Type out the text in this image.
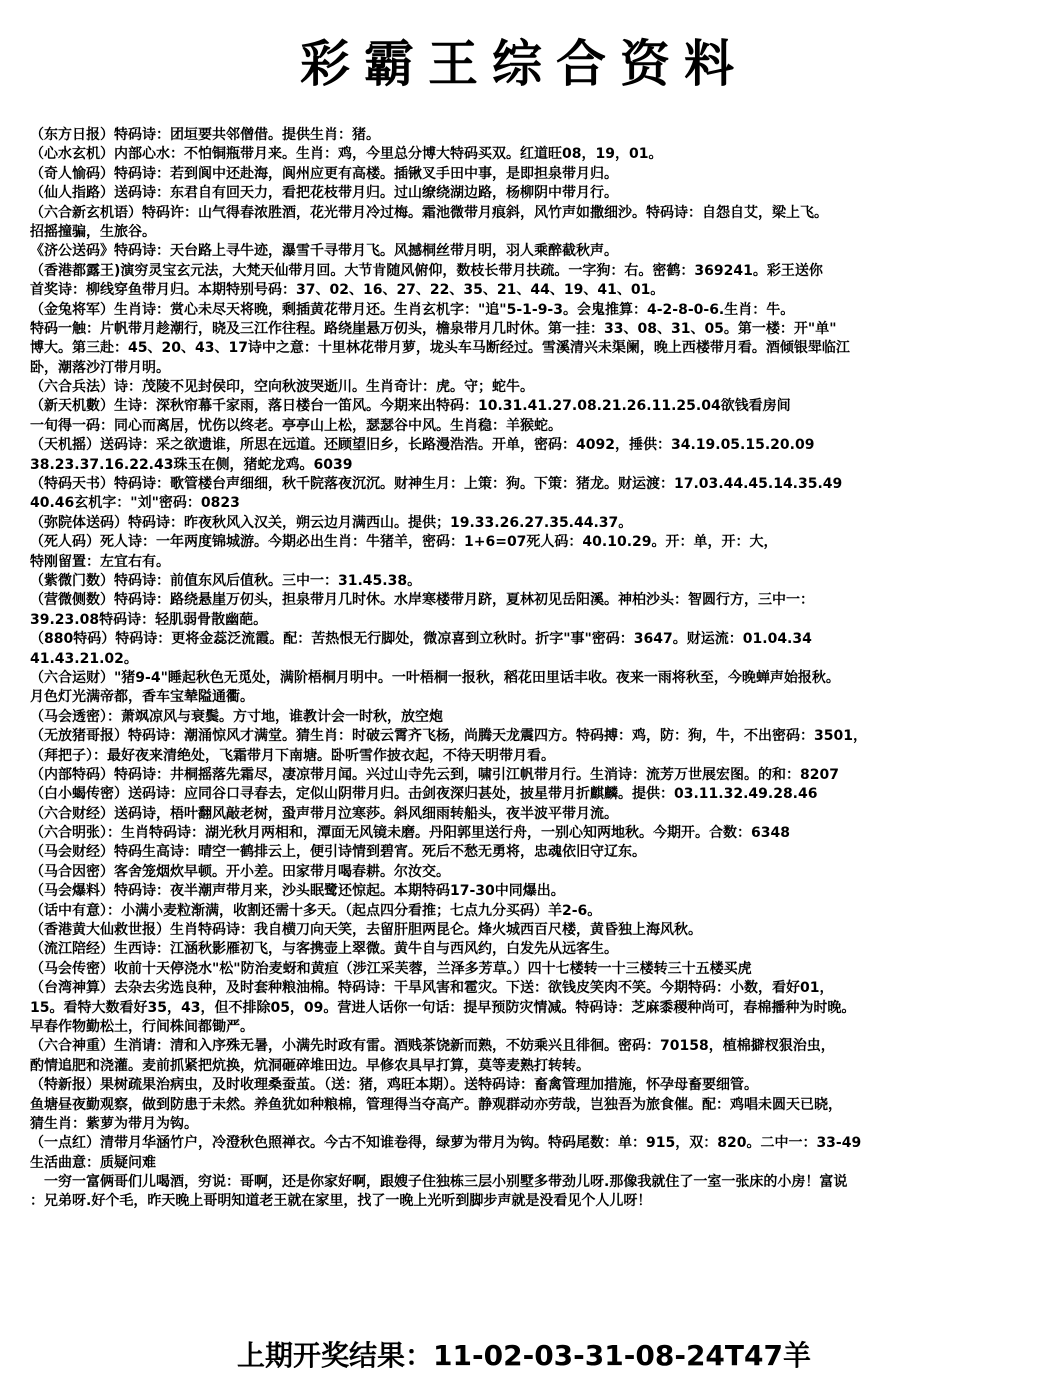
彩霸王综合资料
（东方日报）特码诗：团垣要共邻僧借。提供生肖：猪。
（心水玄机）内部心水：不怕铜瓶带月来。生肖：鸡，今里总分博大特码买双。红道旺08，19，01。
（奇人愉码）特码诗：若到阆中还赴海，阆州应更有高楼。插锹叉手田中事，是即担泉带月归。
（仙人指路）送码诗：东君自有回天力，看把花枝带月归。过山缭绕湖边路，杨柳阴中带月行。
（六合新玄机语）特码许：山气得春浓胜酒，花光带月冷过梅。霜池微带月痕斜，风竹声如撒细沙。特码诗：自怨自艾，梁上飞。
招摇撞骗，生旅谷。
《济公送码》特码诗：天台路上寻牛迹，瀑雪千寻带月飞。风撼桐丝带月明，羽人乘醉截秋声。
（香港都露王)演穷灵宝玄元法，大梵天仙带月回。大节肯随风俯仰，数枝长带月扶疏。一字狗：右。密鹤：369241。彩王送你
首奖诗：柳线穿鱼带月归。本期特别号码：37、02、16、27、22、35、21、44、19、41、01。
（金兔将军）生肖诗：赏心未尽天将晚，剩插黄花带月还。生肖玄机字："追"5-1-9-3。会鬼推算：4-2-8-0-6.生肖：牛。
特码一触：片帆带月趁潮行，晓及三江作往程。路绕崖悬万仞头，檐泉带月几时休。第一挂：33、08、31、05。第一楼：开"单"
博大。第三赴：45、20、43、17诗中之意：十里林花带月萝，垅头车马断经过。雪溪清兴未渠阑，晚上西楼带月看。酒倾银斝临江
卧，潮落沙汀带月明。
（六合兵法）诗：茂陵不见封侯印，空向秋波哭逝川。生肖奇计：虎。守；蛇牛。
（新天机數）生诗：深秋帘幕千家雨，落日楼台一笛风。今期来出特码：10.31.41.27.08.21.26.11.25.04欲钱看房间
一旬得一码：同心而离居，忧伤以终老。亭亭山上松，瑟瑟谷中风。生肖稳：羊猴蛇。
（天机摇）送码诗：采之欲遗谁，所思在远道。还顾望旧乡，长路漫浩浩。开单，密码：4092，捶供：34.19.05.15.20.09
38.23.37.16.22.43珠玉在侧，猪蛇龙鸡。6039
（特码天书）特码诗：歌管楼台声细细，秋千院落夜沉沉。财神生月：上策：狗。下策：猪龙。财运渡：17.03.44.45.14.35.49
40.46玄机字："刘"密码：0823
（弥院体送码）特码诗：昨夜秋风入汉关，朔云边月满西山。提供；19.33.26.27.35.44.37。
（死人码）死人诗：一年两度锦城游。今期必出生肖：牛猪羊，密码：1+6=07死人码：40.10.29。开：单，开：大，
特刚留置：左宜右有。
（紫微门数）特码诗：前值东风后值秋。三中一：31.45.38。
（营微侧数）特码诗：路绕悬崖万仞头，担泉带月几时休。水岸寒楼带月跻，夏林初见岳阳溪。神柏沙头：智圆行方，三中一：
39.23.08特码诗：轻肌弱骨散幽葩。
（880特码）特码诗：更将金蕊泛流霞。配：苦热恨无行脚处，微凉喜到立秋时。折字"事"密码：3647。财运流：01.04.34
41.43.21.02。
（六合运财）"猪9-4"睡起秋色无觅处，满阶梧桐月明中。一叶梧桐一报秋，稻花田里话丰收。夜来一雨将秋至，今晚蝉声始报秋。
月色灯光满帝都，香车宝辇隘通衢。
（马会透密）：萧飒凉风与衰鬓。方寸地，谁教计会一时秋，放空炮
（无放猪哥报）特码诗：潮涌惊风才满堂。猜生肖：时破云霄齐飞杨，尚腾天龙震四方。特码搏：鸡，防：狗，牛，不出密码：3501，
（拜把子）：最好夜来清绝处，飞霜带月下南塘。卧听雪作披衣起，不待天明带月看。
（内部特码）特码诗：井桐摇落先霜尽，凄凉带月闻。兴过山寺先云到，啸引江帆带月行。生消诗：流芳万世展宏图。的和：8207
（白小蝎传密）送码诗：应同谷口寻春去，定似山阴带月归。击剑夜深归甚处，披星带月折麒麟。提供：03.11.32.49.28.46
（六合财经）送码诗，梧叶翻风敲老树，蛩声带月泣寒莎。斜风细雨转船头，夜半波平带月流。
（六合明张）：生肖特码诗：湖光秋月两相和，潭面无风镜未磨。丹阳郭里送行舟，一别心知两地秋。今期开。合数：6348
（马会财经）特码生高诗：晴空一鹤排云上，便引诗情到碧宵。死后不愁无勇将，忠魂依旧守辽东。
（马合因密）客舍笼烟炊早顿。开小差。田家带月喝春耕。尔汝交。
（马会爆料）特码诗：夜半潮声带月来，沙头眠鹭还惊起。本期特码17-30中同爆出。
（话中有意）：小满小麦粒渐满，收割还需十多天。（起点四分看推；七点九分买码）羊2-6。
（香港黄大仙救世报）生肖特码诗：我自横刀向天笑，去留肝胆两昆仑。烽火城西百尺楼，黄昏独上海风秋。
（流江陪经）生西诗：江涵秋影雁初飞，与客携壶上翠微。黄牛自与西风约，白发先从远客生。
（马会传密）收前十天停浇水"松"防治麦蚜和黄疸（涉江采芙蓉，兰泽多芳草。）四十七楼转一十三楼转三十五楼买虎
（台湾神算）去杂去劣选良种，及时套种粮油棉。特码诗：干旱风害和雹灾。下送：欲钱皮笑肉不笑。今期特码：小数，看好01，
15。看特大数看好35，43，但不排除05，09。营进人话你一句话：提早预防灾情减。特码诗：芝麻黍稷种尚可，春棉播种为时晚。
早春作物勤松土，行间株间都锄严。
（六合神重）生消请：清和入序殊无暑，小满先时政有雷。酒贱茶饶新而熟，不妨乘兴且徘徊。密码：70158，植棉擗杈狠治虫，
酌情追肥和浇灌。麦前抓紧把炕换，炕洞砸碎堆田边。早修农具早打算，莫等麦熟打转转。
（特新报）果树疏果治病虫，及时收理桑蚕茧。（送：猪，鸡旺本期）。送特码诗：畜禽管理加措施，怀孕母畜要细管。
鱼塘昼夜勤观察，做到防患于未然。养鱼犹如种粮棉，管理得当夺高产。静观群动亦劳哉，岂独吾为旅食催。配：鸡唱未圆天已晓，
猜生肖：紫萝为带月为钩。
（一点红）清带月华涵竹户，冷澄秋色照禅衣。今古不知谁卷得，绿萝为带月为钩。特码尾数：单：915，双：820。二中一：33-49
生活曲意：质疑问难
　一穷一富俩哥们儿喝酒，穷说：哥啊，还是你家好啊，跟嫂子住独栋三层小别墅多带劲儿呀.那像我就住了一室一张床的小房！富说
：兄弟呀.好个毛，昨天晚上哥明知道老王就在家里，找了一晚上光听到脚步声就是没看见个人儿呀！
上期开奖结果：11-02-03-31-08-24T47羊
